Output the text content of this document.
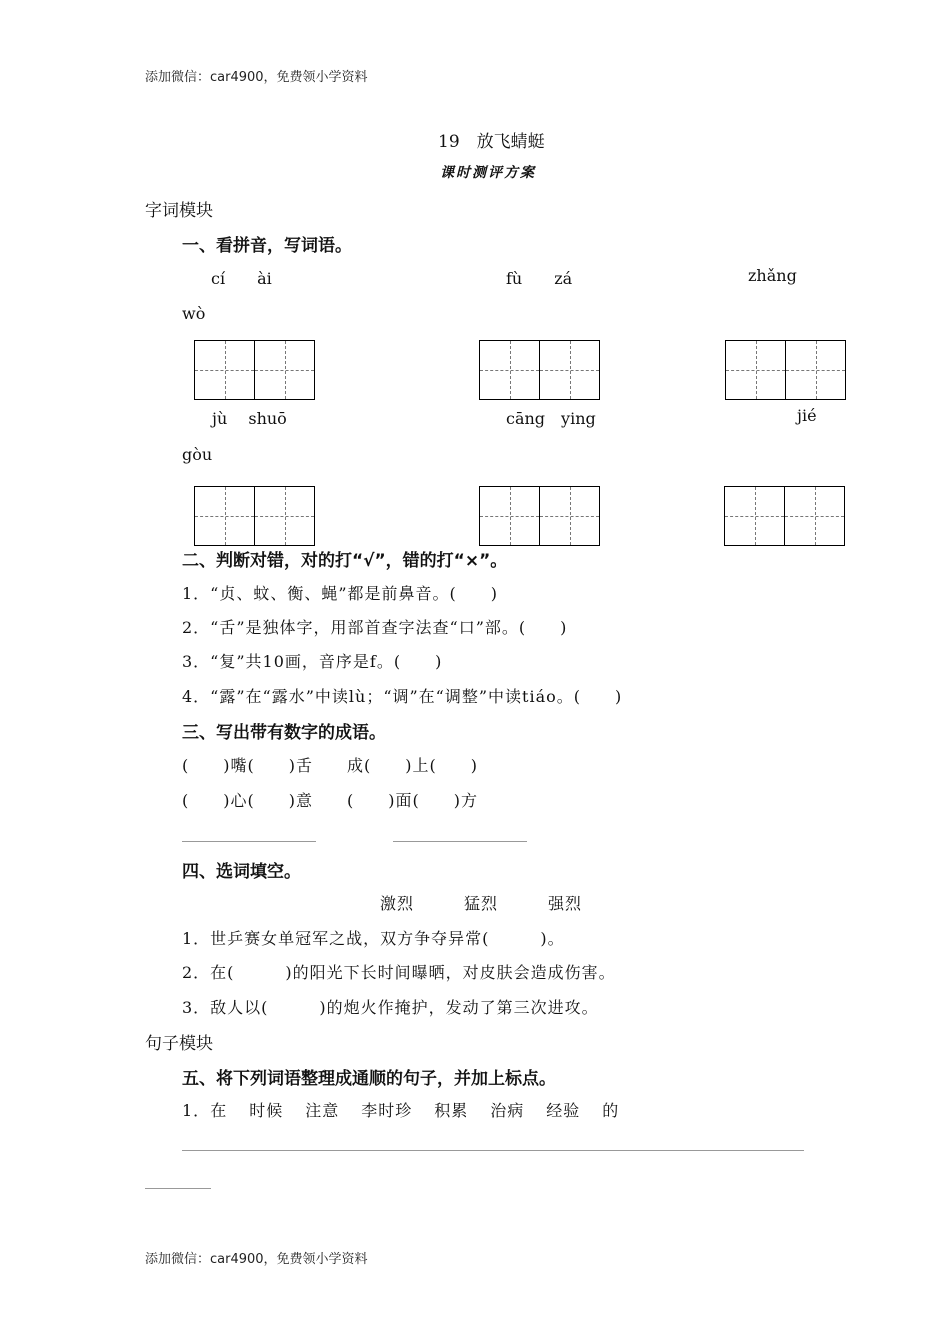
添加微信：car4900，免费领小学资料
19　放飞蜻蜓
课时测评方案
字词模块
一、看拼音，写词语。
cí　　ài	fù　　zá	zhǎng
wò
jù　 shuō	cāng　ying	jié
gòu
二、判断对错，对的打“√”，错的打“×”。
1．“贞、蚊、衡、蝇”都是前鼻音。(　　)
2．“舌”是独体字，用部首查字法查“口”部。(　　)
3．“复”共10画，音序是f。(　　)
4．“露”在“露水”中读lù；“调”在“调整”中读tiáo。(　　)
三、写出带有数字的成语。
(　　)嘴(　　)舌　　成(　　)上(　　)
(　　)心(　　)意　　(　　)面(　　)方
四、选词填空。
激烈	猛烈	强烈
1．世乒赛女单冠军之战，双方争夺异常(　　　)。
2．在(　　　)的阳光下长时间曝晒，对皮肤会造成伤害。
3．敌人以(　　　)的炮火作掩护，发动了第三次进攻。
句子模块
五、将下列词语整理成通顺的句子，并加上标点。
1．在 时候 注意 李时珍 积累 治病 经验 的
添加微信：car4900，免费领小学资料
